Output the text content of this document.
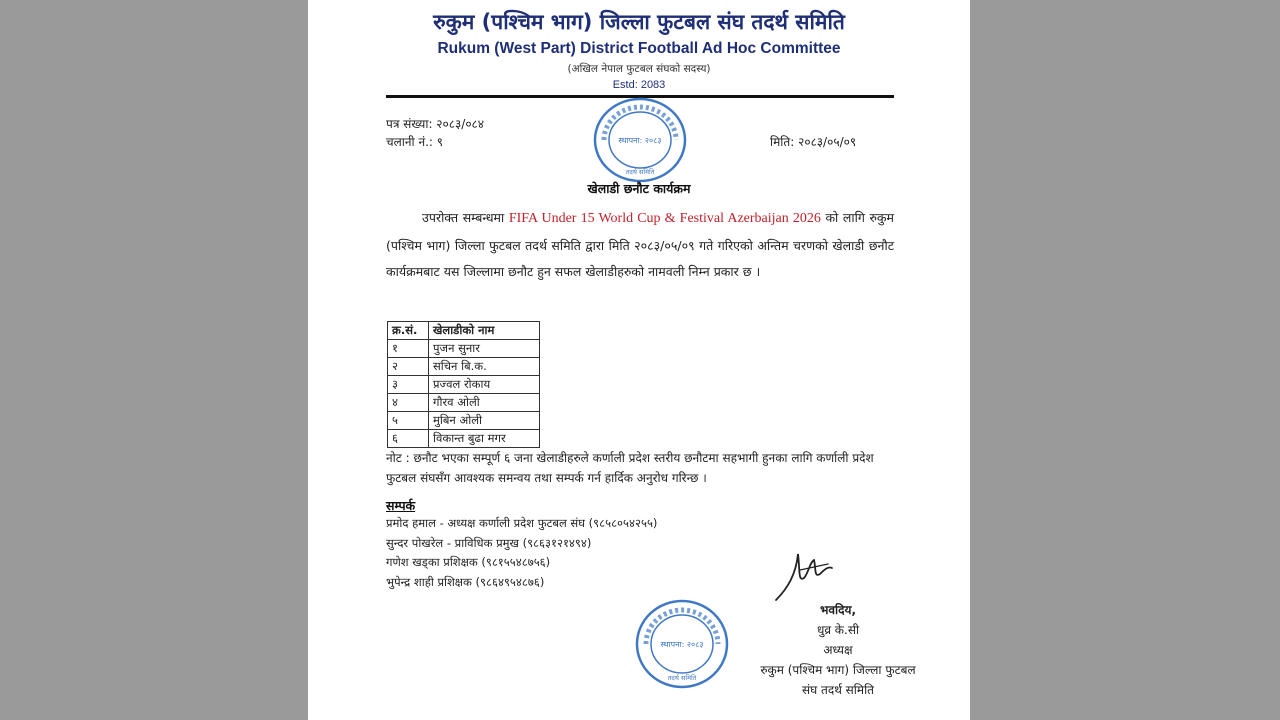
रुकुम (पश्चिम भाग) जिल्ला फुटबल संघ तदर्थ समिति
Rukum (West Part) District Football Ad Hoc Committee
(अखिल नेपाल फुटबल संघको सदस्य)
Estd: 2083
स्थापना: २०८३
तदर्थ समिति
पत्र संख्या: २०८३/०८४
चलानी नं.: ९	मिति: २०८३/०५/०९
खेलाडी छनौट कार्यक्रम
उपरोक्त सम्बन्धमा FIFA Under 15 World Cup & Festival Azerbaijan 2026 को लागि रुकुम (पश्चिम भाग) जिल्ला फुटबल तदर्थ समिति द्वारा मिति २०८३/०५/०९ गते गरिएको अन्तिम चरणको खेलाडी छनौट कार्यक्रमबाट यस जिल्लामा छनौट हुन सफल खेलाडीहरुको नामवली निम्न प्रकार छ ।
क्र.सं.	खेलाडीको नाम
१	पुजन सुनार
२	सचिन बि.क.
३	प्रज्वल रोकाय
४	गौरव ओली
५	मुबिन ओली
६	विकान्त बुढा मगर
नोट : छनौट भएका सम्पूर्ण ६ जना खेलाडीहरुले कर्णाली प्रदेश स्तरीय छनौटमा सहभागी हुनका लागि कर्णाली प्रदेश फुटबल संघसँग आवश्यक समन्वय तथा सम्पर्क गर्न हार्दिक अनुरोध गरिन्छ ।
सम्पर्क
प्रमोद हमाल - अध्यक्ष कर्णाली प्रदेश फुटबल संघ (९८५८०५४२५५)
सुन्दर पोखरेल - प्राविधिक प्रमुख (९८६३१२१४९४)
गणेश खड्का प्रशिक्षक (९८१५५४८७५६)
भुपेन्द्र शाही प्रशिक्षक (९८६४९५४८७६)
स्थापना: २०८३
तदर्थ समिति
भवदिय,
धुव्र के.सी
अध्यक्ष
रुकुम (पश्चिम भाग) जिल्ला फुटबल
संघ तदर्थ समिति
